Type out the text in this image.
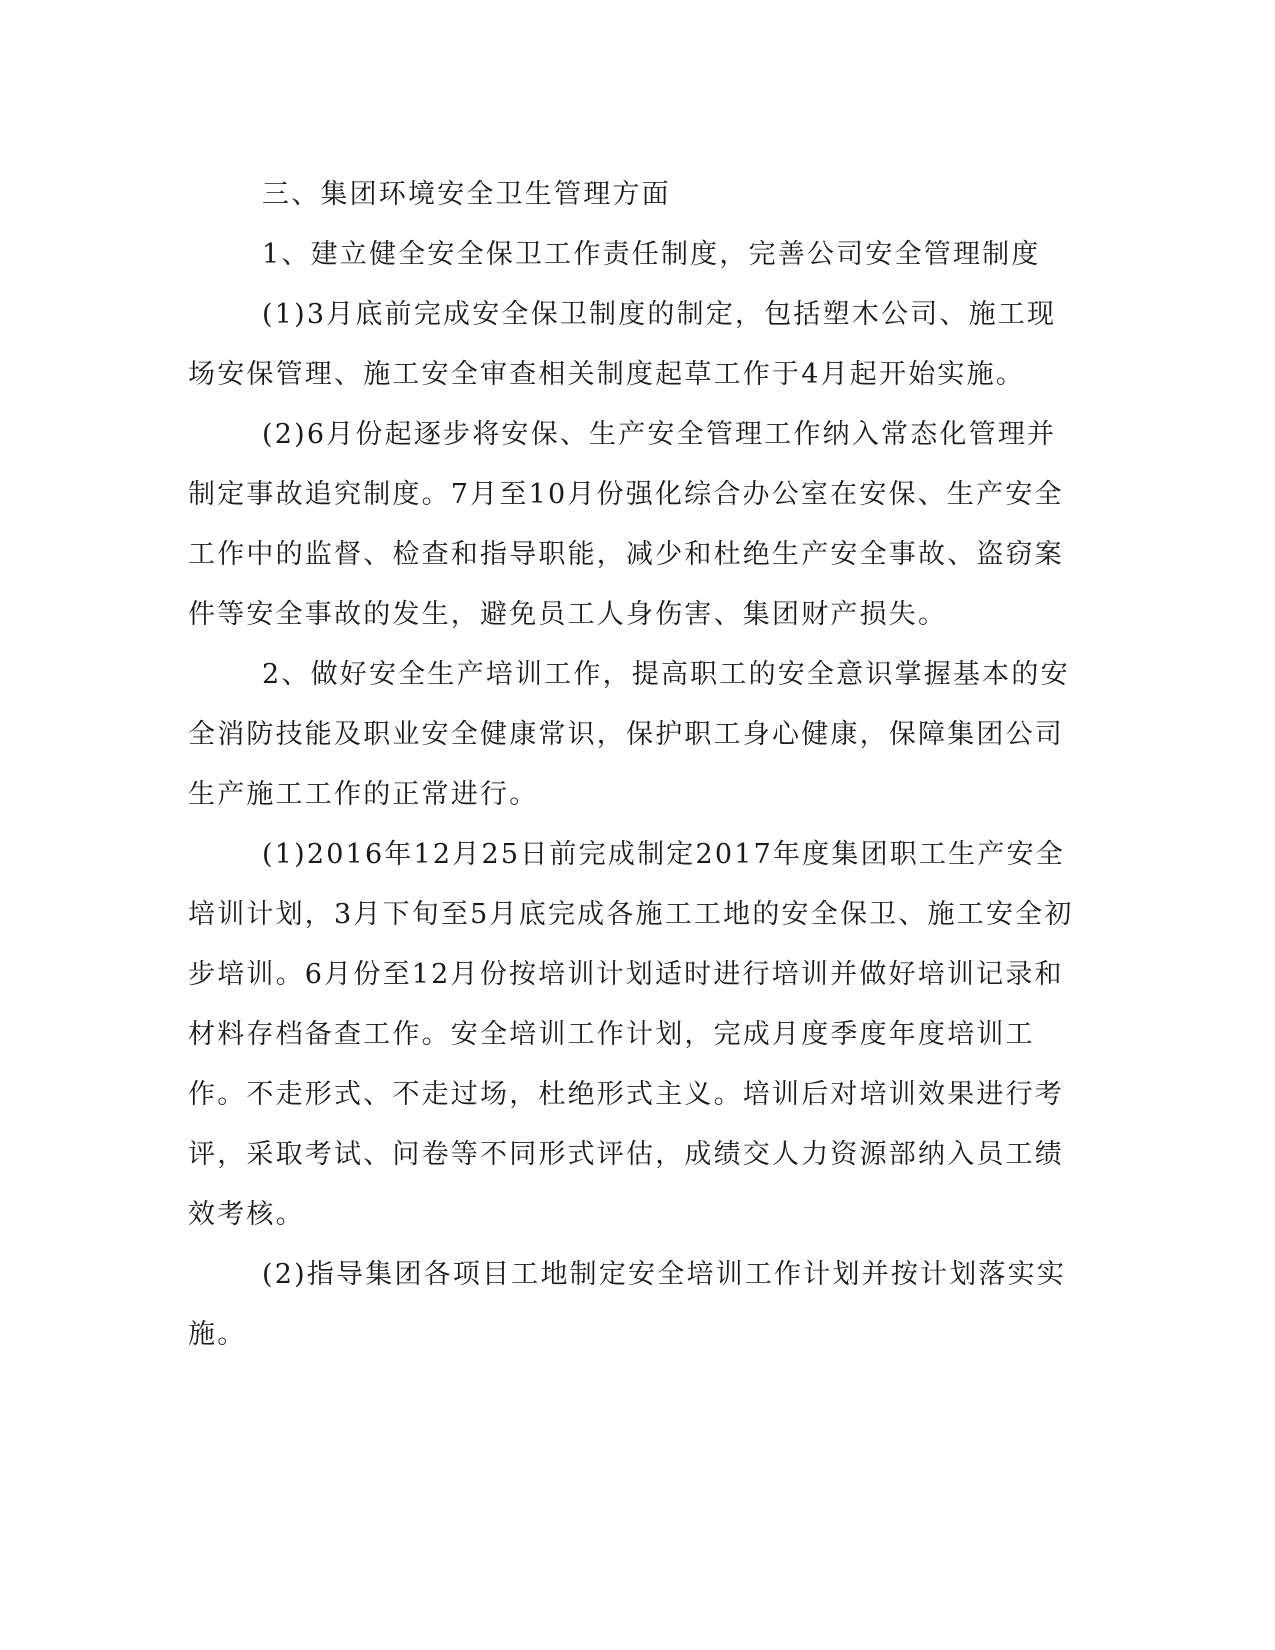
三、集团环境安全卫生管理方面

1、建立健全安全保卫工作责任制度，完善公司安全管理制度

(1)3月底前完成安全保卫制度的制定，包括塑木公司、施工现场安保管理、施工安全审查相关制度起草工作于4月起开始实施。

(2)6月份起逐步将安保、生产安全管理工作纳入常态化管理并制定事故追究制度。7月至10月份强化综合办公室在安保、生产安全工作中的监督、检查和指导职能，减少和杜绝生产安全事故、盗窃案件等安全事故的发生，避免员工人身伤害、集团财产损失。

2、做好安全生产培训工作，提高职工的安全意识掌握基本的安全消防技能及职业安全健康常识，保护职工身心健康，保障集团公司生产施工工作的正常进行。

(1)2016年12月25日前完成制定2017年度集团职工生产安全培训计划，3月下旬至5月底完成各施工工地的安全保卫、施工安全初步培训。6月份至12月份按培训计划适时进行培训并做好培训记录和材料存档备查工作。安全培训工作计划，完成月度季度年度培训工作。不走形式、不走过场，杜绝形式主义。培训后对培训效果进行考评，采取考试、问卷等不同形式评估，成绩交人力资源部纳入员工绩效考核。

(2)指导集团各项目工地制定安全培训工作计划并按计划落实实施。
